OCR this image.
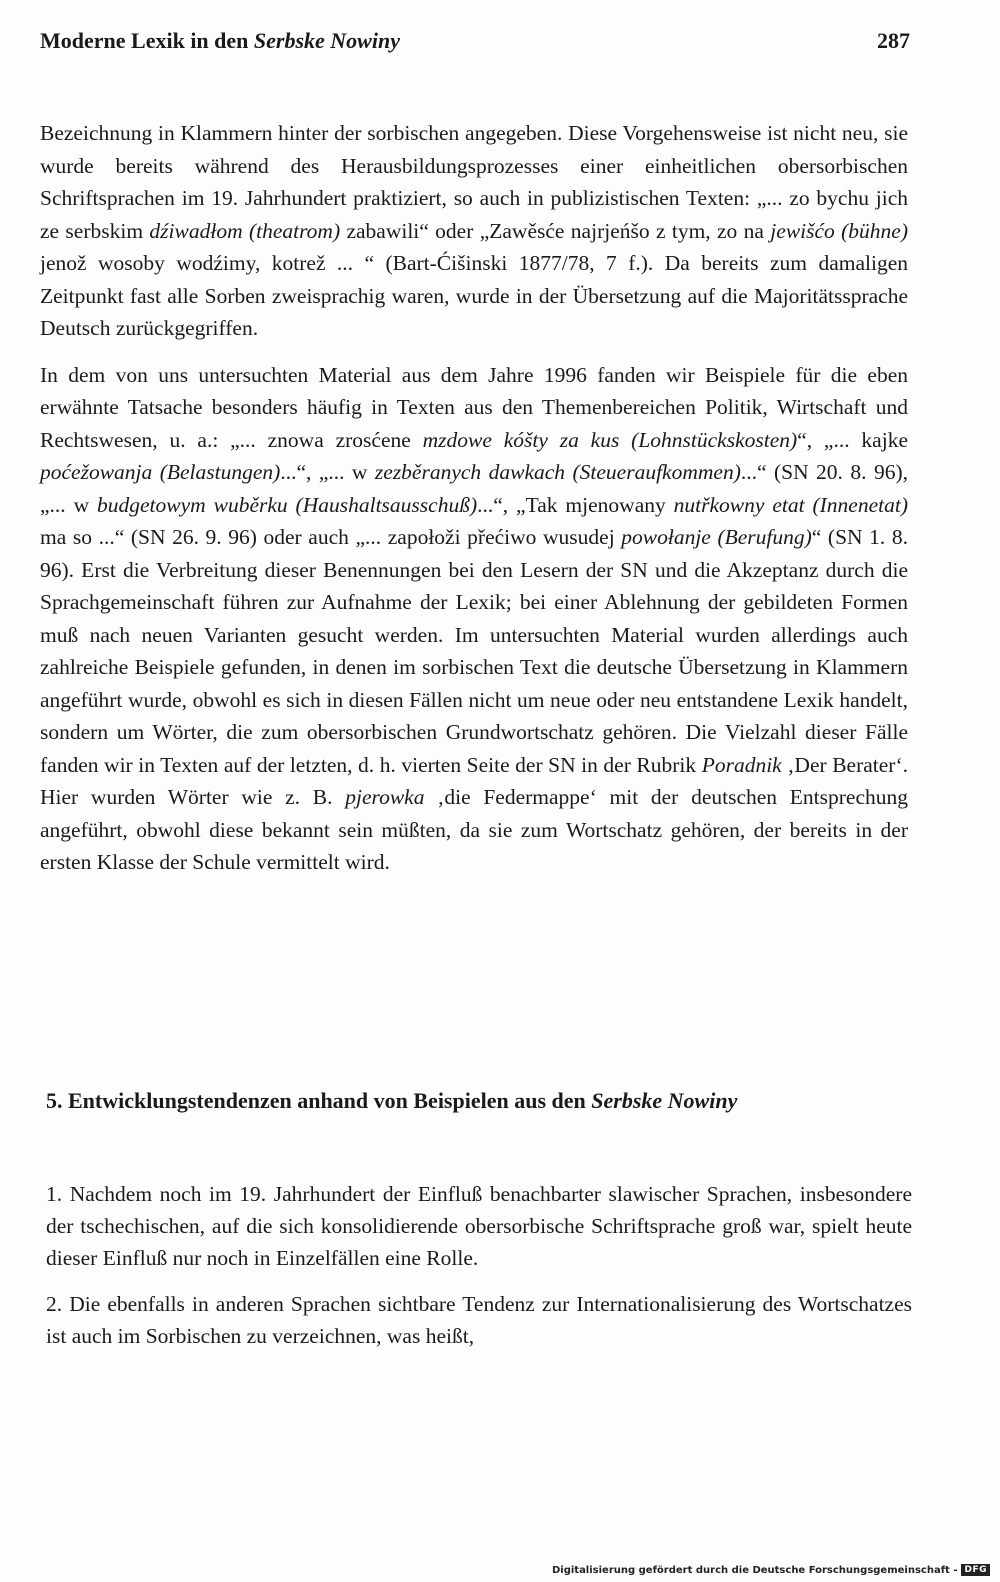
Moderne Lexik in den Serbske Nowiny	287

Bezeichnung in Klammern hinter der sorbischen angegeben. Diese Vorgehensweise ist nicht neu, sie wurde bereits während des Herausbildungsprozesses einer einheitlichen obersorbischen Schriftsprachen im 19. Jahrhundert praktiziert, so auch in publizistischen Texten: „... zo bychu jich ze serbskim dźiwadłom (theatrom) zabawili“ oder „Zawěsće najrjeńšo z tym, zo na jewišćo (bühne) jenož wosoby wodźimy, kotrež ... “ (Bart-Ćišinski 1877/78, 7 f.). Da bereits zum damaligen Zeitpunkt fast alle Sorben zweisprachig waren, wurde in der Übersetzung auf die Majoritätssprache Deutsch zurückgegriffen.

In dem von uns untersuchten Material aus dem Jahre 1996 fanden wir Beispiele für die eben erwähnte Tatsache besonders häufig in Texten aus den Themenbereichen Politik, Wirtschaft und Rechtswesen, u. a.: „... znowa zrosćene mzdowe kóšty za kus (Lohnstückskosten)“, „... kajke poćežowanja (Belastungen)...“, „... w zezběranych dawkach (Steueraufkommen)...“ (SN 20. 8. 96), „... w budgetowym wuběrku (Haushaltsausschuß)...“, „Tak mjenowany nutřkowny etat (Innenetat) ma so ...“ (SN 26. 9. 96) oder auch „... zapołoži přećiwo wusudej powołanje (Berufung)“ (SN 1. 8. 96). Erst die Verbreitung dieser Benennungen bei den Lesern der SN und die Akzeptanz durch die Sprachgemeinschaft führen zur Aufnahme der Lexik; bei einer Ablehnung der gebildeten Formen muß nach neuen Varianten gesucht werden. Im untersuchten Material wurden allerdings auch zahlreiche Beispiele gefunden, in denen im sorbischen Text die deutsche Übersetzung in Klammern angeführt wurde, obwohl es sich in diesen Fällen nicht um neue oder neu entstandene Lexik handelt, sondern um Wörter, die zum obersorbischen Grundwortschatz gehören. Die Vielzahl dieser Fälle fanden wir in Texten auf der letzten, d. h. vierten Seite der SN in der Rubrik Poradnik ‚Der Berater‘. Hier wurden Wörter wie z. B. pjerowka ‚die Federmappe‘ mit der deutschen Entsprechung angeführt, obwohl diese bekannt sein müßten, da sie zum Wortschatz gehören, der bereits in der ersten Klasse der Schule vermittelt wird.

5. Entwicklungstendenzen anhand von Beispielen aus den Serbske Nowiny

1. Nachdem noch im 19. Jahrhundert der Einfluß benachbarter slawischer Sprachen, insbesondere der tschechischen, auf die sich konsolidierende obersorbische Schriftsprache groß war, spielt heute dieser Einfluß nur noch in Einzelfällen eine Rolle.

2. Die ebenfalls in anderen Sprachen sichtbare Tendenz zur Internationalisierung des Wortschatzes ist auch im Sorbischen zu verzeichnen, was heißt,

Digitalisierung gefördert durch die Deutsche Forschungsgemeinschaft - DFG
